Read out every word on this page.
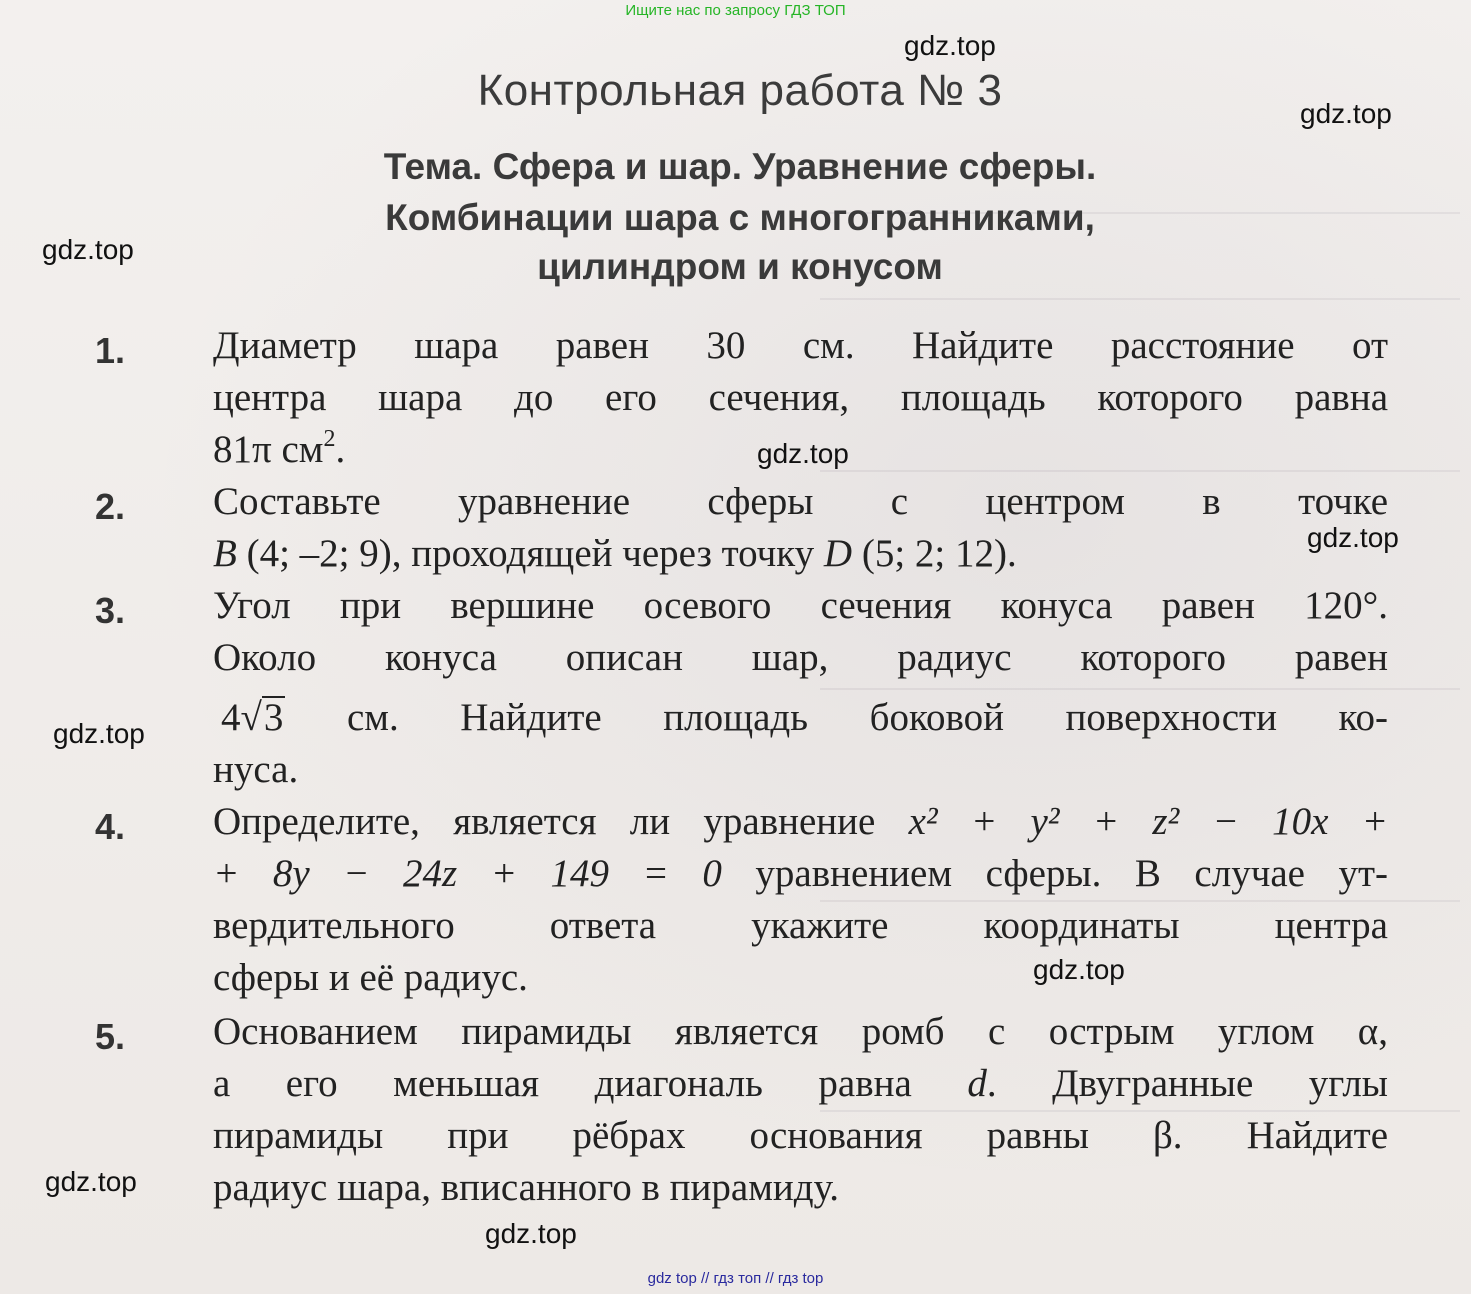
Ищите нас по запросу ГДЗ ТОП
gdz.top
gdz.top
gdz.top
gdz.top
gdz.top
gdz.top
gdz.top
gdz.top
gdz.top
Контрольная работа № 3
Тема. Сфера и шар. Уравнение сферы.
Комбинации шара с многогранниками,
цилиндром и конусом
1. Диаметр шара равен 30 см. Найдите расстояние от
центра шара до его сечения, площадь которого равна
81π $см^2$.
2. Составьте уравнение сферы с центром в точке
B (4; –2; 9), проходящей через точку D (5; 2; 12).
3. Угол при вершине осевого сечения конуса равен 120°.
Около конуса описан шар, радиус которого равен
4√3 см. Найдите площадь боковой поверхности ко-
нуса.
4. Определите, является ли уравнение x² + y² + z² − 10x +
+ 8y − 24z + 149 = 0 уравнением сферы. В случае ут-
вердительного ответа укажите координаты центра
сферы и её радиус.
5. Основанием пирамиды является ромб с острым углом α,
а его меньшая диагональ равна d. Двугранные углы
пирамиды при рёбрах основания равны β. Найдите
радиус шара, вписанного в пирамиду.
gdz top // гдз топ // гдз top
